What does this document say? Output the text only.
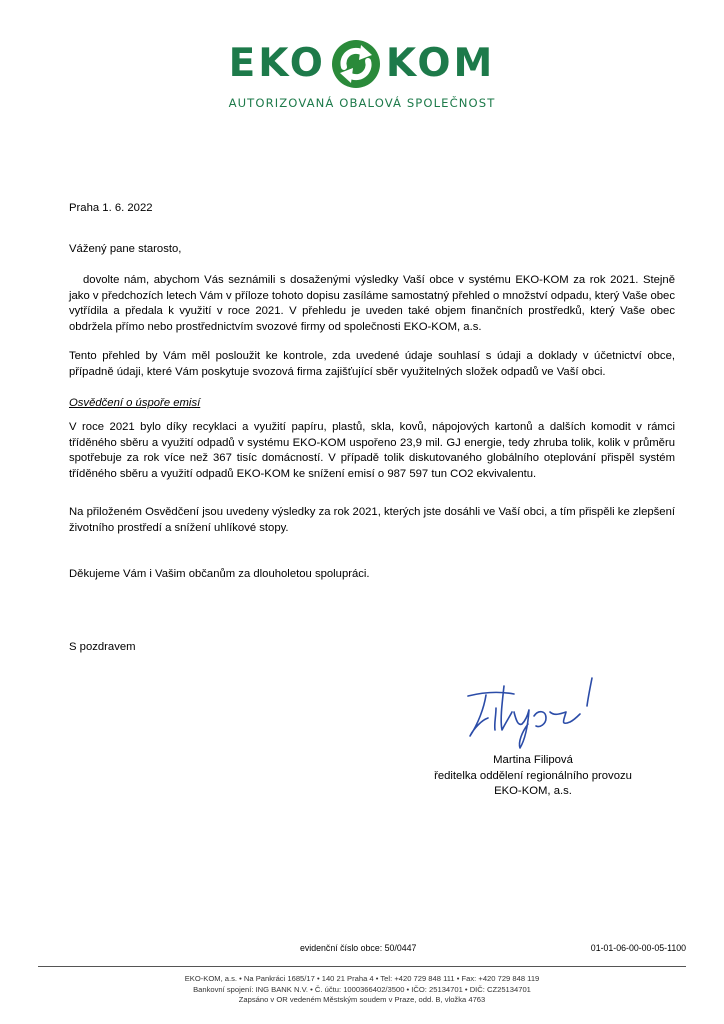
EKO KOM
AUTORIZOVANÁ OBALOVÁ SPOLEČNOST
Praha 1. 6. 2022
Vážený pane starosto,
dovolte nám, abychom Vás seznámili s dosaženými výsledky Vaší obce v systému EKO-KOM za rok 2021. Stejně jako v předchozích letech Vám v příloze tohoto dopisu zasíláme samostatný přehled o množství odpadu, který Vaše obec vytřídila a předala k využití v roce 2021. V přehledu je uveden také objem finančních prostředků, který Vaše obec obdržela přímo nebo prostřednictvím svozové firmy od společnosti EKO-KOM, a.s.
Tento přehled by Vám měl posloužit ke kontrole, zda uvedené údaje souhlasí s údaji a doklady v účetnictví obce, případně údaji, které Vám poskytuje svozová firma zajišťující sběr využitelných složek odpadů ve Vaší obci.
Osvědčení o úspoře emisí
V roce 2021 bylo díky recyklaci a využití papíru, plastů, skla, kovů, nápojových kartonů a dalších komodit v rámci tříděného sběru a využití odpadů v systému EKO-KOM uspořeno 23,9 mil. GJ energie, tedy zhruba tolik, kolik v průměru spotřebuje za rok více než 367 tisíc domácností. V případě tolik diskutovaného globálního oteplování přispěl systém tříděného sběru a využití odpadů EKO-KOM ke snížení emisí o 987 597 tun CO2 ekvivalentu.
Na přiloženém Osvědčení jsou uvedeny výsledky za rok 2021, kterých jste dosáhli ve Vaší obci, a tím přispěli ke zlepšení životního prostředí a snížení uhlíkové stopy.
Děkujeme Vám i Vašim občanům za dlouholetou spolupráci.
S pozdravem
Martina Filipová
ředitelka oddělení regionálního provozu
EKO-KOM, a.s.
evidenční číslo obce: 50/0447	01-01-06-00-00-05-1100
EKO-KOM, a.s. • Na Pankráci 1685/17 • 140 21 Praha 4 • Tel: +420 729 848 111 • Fax: +420 729 848 119
Bankovní spojení: ING BANK N.V. • Č. účtu: 1000366402/3500 • IČO: 25134701 • DIČ: CZ25134701
Zapsáno v OR vedeném Městským soudem v Praze, odd. B, vložka 4763
